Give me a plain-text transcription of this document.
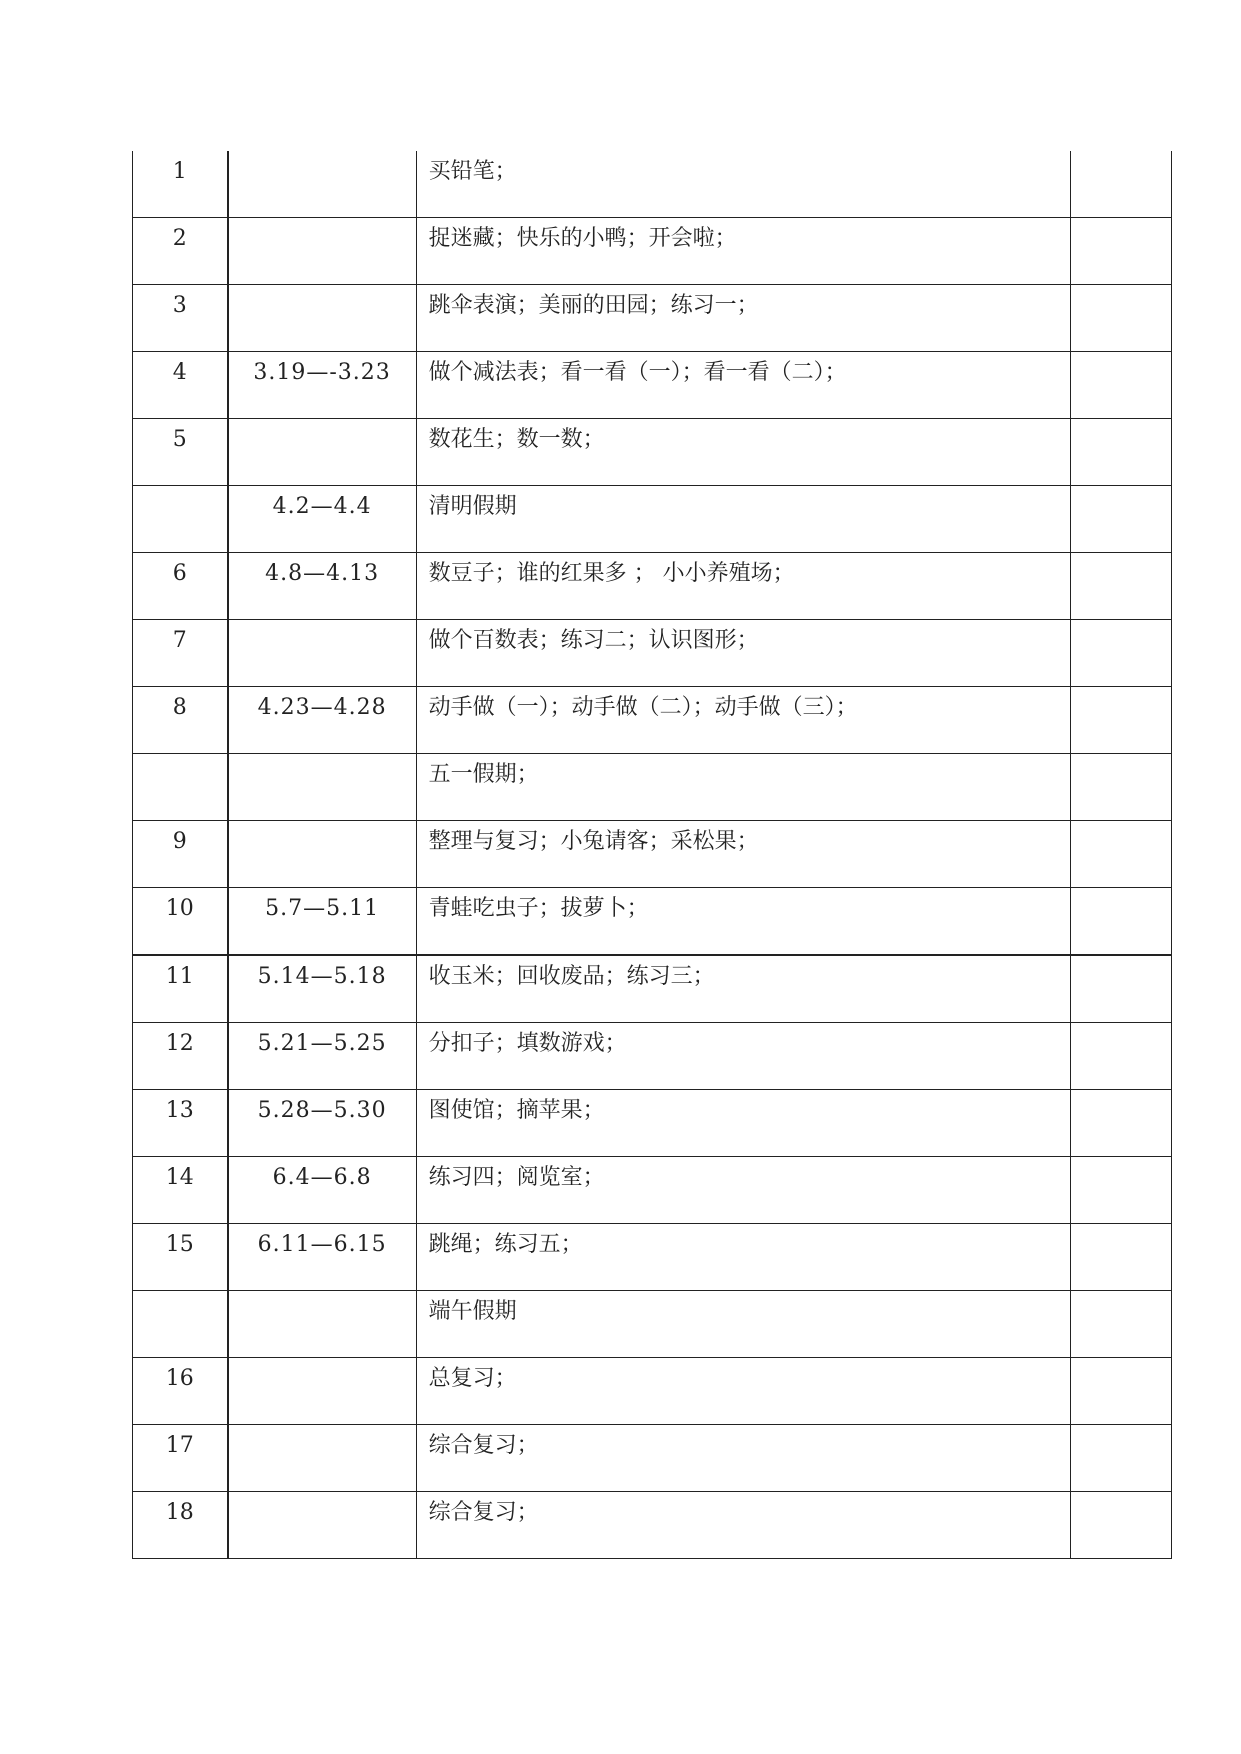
1		买铅笔；	
2		捉迷藏；快乐的小鸭；开会啦；	
3		跳伞表演；美丽的田园；练习一；	
4	3.19—-3.23	做个减法表；看一看（一）；看一看（二）；	
5		数花生；数一数；	
	4.2—4.4	清明假期	
6	4.8—4.13	数豆子；谁的红果多 ； 小小养殖场；	
7		做个百数表；练习二；认识图形；	
8	4.23—4.28	动手做（一）；动手做（二）；动手做（三）；	
		五一假期；	
9		整理与复习；小兔请客；采松果；	
10	5.7—5.11	青蛙吃虫子；拔萝卜；	
11	5.14—5.18	收玉米；回收废品；练习三；	
12	5.21—5.25	分扣子；填数游戏；	
13	5.28—5.30	图使馆；摘苹果；	
14	6.4—6.8	练习四；阅览室；	
15	6.11—6.15	跳绳；练习五；	
		端午假期	
16		总复习；	
17		综合复习；	
18		综合复习；	
